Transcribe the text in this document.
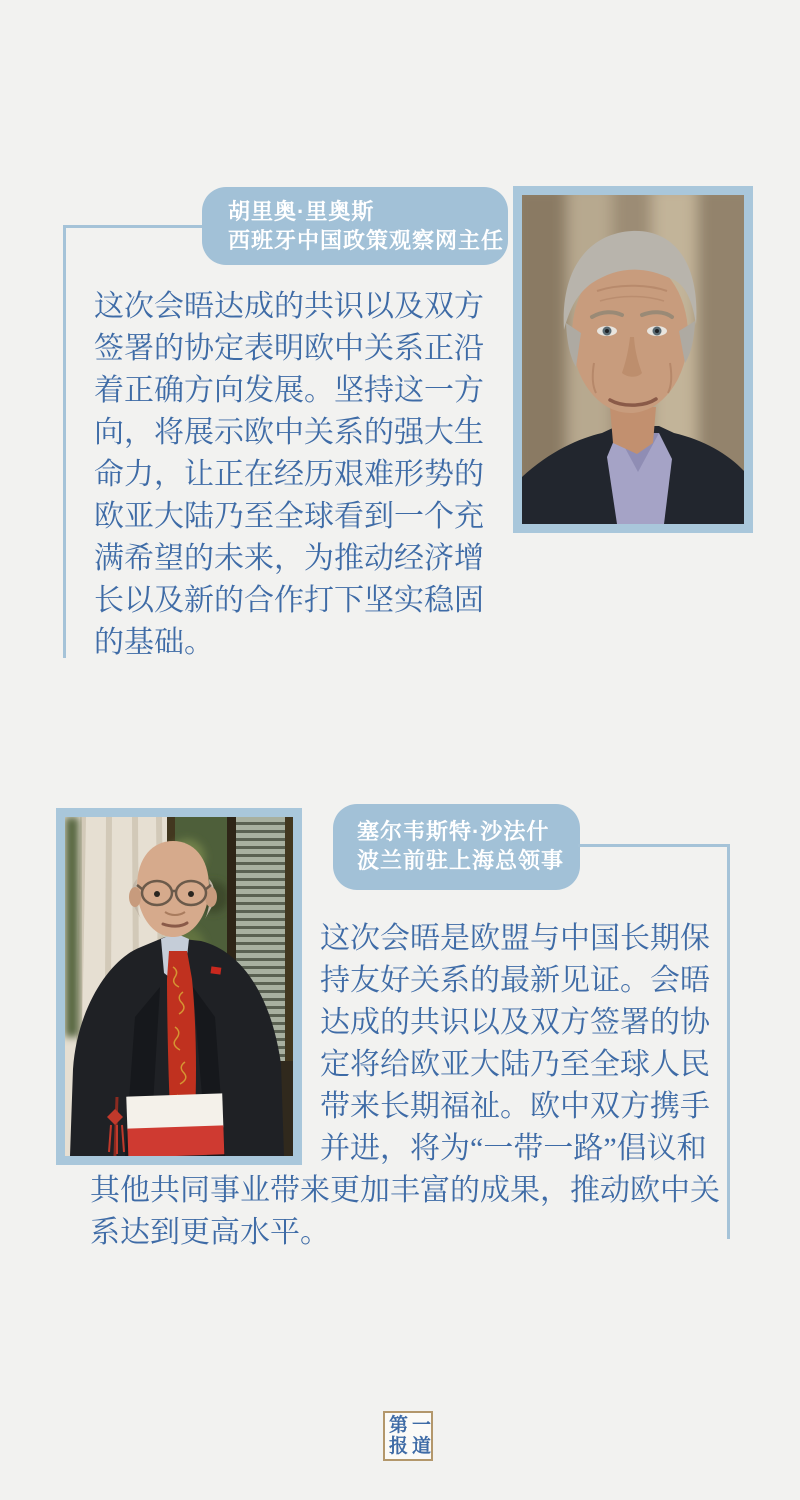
胡里奥·里奥斯
西班牙中国政策观察网主任
这次会晤达成的共识以及双方签署的协定表明欧中关系正沿着正确方向发展。坚持这一方向，将展示欧中关系的强大生命力，让正在经历艰难形势的欧亚大陆乃至全球看到一个充满希望的未来，为推动经济增长以及新的合作打下坚实稳固的基础。
塞尔韦斯特·沙法什
波兰前驻上海总领事
这次会晤是欧盟与中国长期保持友好关系的最新见证。会晤达成的共识以及双方签署的协定将给欧亚大陆乃至全球人民带来长期福祉。欧中双方携手并进，将为“一带一路”倡议和其他共同事业带来更加丰富的成果，推动欧中关系达到更高水平。
第一
报道
